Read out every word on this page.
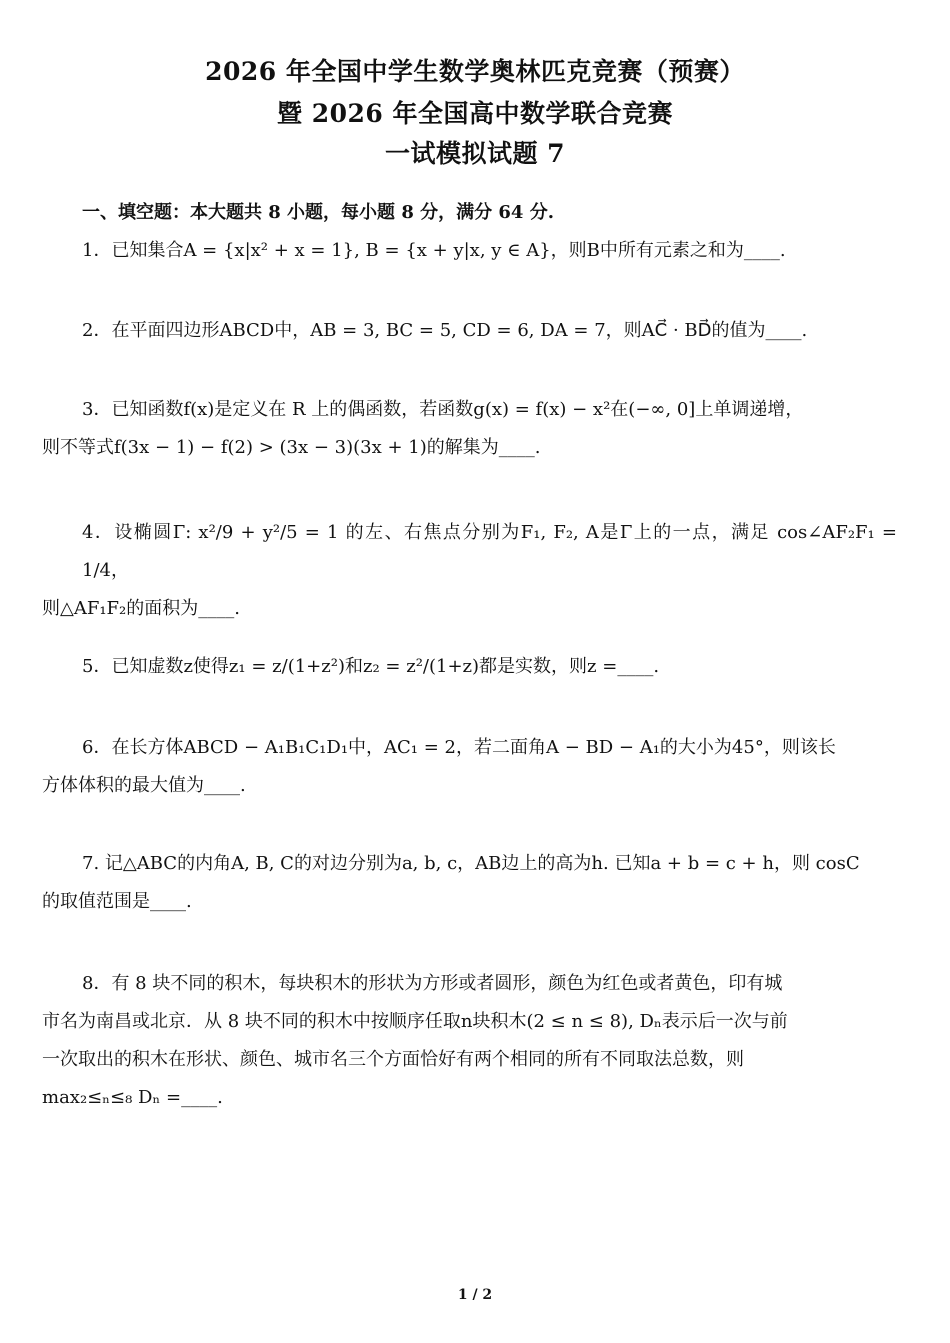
2026 年全国中学生数学奥林匹克竞赛（预赛）
暨 2026 年全国高中数学联合竞赛
一试模拟试题 7
一、填空题：本大题共 8 小题，每小题 8 分，满分 64 分.
1．已知集合A = {x|x² + x = 1}, B = {x + y|x, y ∈ A}，则B中所有元素之和为____.
2．在平面四边形ABCD中，AB = 3, BC = 5, CD = 6, DA = 7，则AC⃗ · BD⃗的值为____.
3．已知函数f(x)是定义在 R 上的偶函数，若函数g(x) = f(x) − x²在(−∞, 0]上单调递增，
则不等式f(3x − 1) − f(2) > (3x − 3)(3x + 1)的解集为____.
4．设椭圆Γ: x²/9 + y²/5 = 1 的左、右焦点分别为F₁, F₂, A是Γ上的一点，满足 cos∠AF₂F₁ = 1/4，
则△AF₁F₂的面积为____.
5．已知虚数z使得z₁ = z/(1+z²)和z₂ = z²/(1+z)都是实数，则z =____.
6．在长方体ABCD − A₁B₁C₁D₁中，AC₁ = 2，若二面角A − BD − A₁的大小为45°，则该长
方体体积的最大值为____.
7. 记△ABC的内角A, B, C的对边分别为a, b, c，AB边上的高为h. 已知a + b = c + h，则 cosC
的取值范围是____.
8．有 8 块不同的积木，每块积木的形状为方形或者圆形，颜色为红色或者黄色，印有城
市名为南昌或北京．从 8 块不同的积木中按顺序任取n块积木(2 ≤ n ≤ 8), Dₙ表示后一次与前
一次取出的积木在形状、颜色、城市名三个方面恰好有两个相同的所有不同取法总数，则
max₂≤ₙ≤₈ Dₙ =____.
1 / 2
